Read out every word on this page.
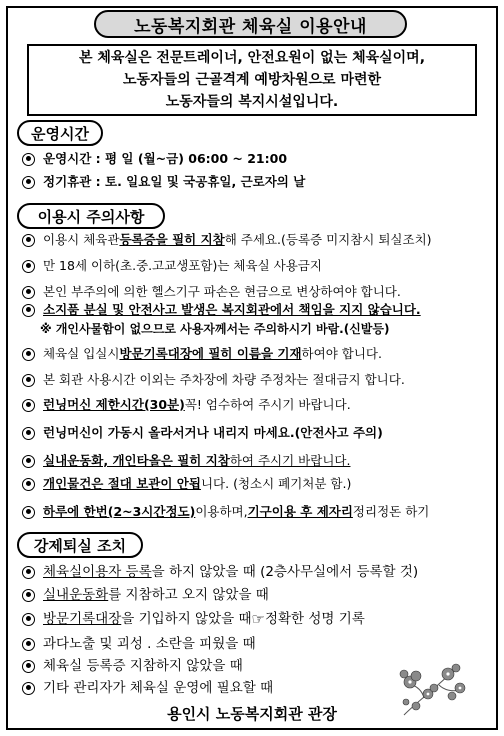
노동복지회관 체육실 이용안내
본 체육실은 전문트레이너, 안전요원이 없는 체육실이며,
노동자들의 근골격계 예방차원으로 마련한
노동자들의 복지시설입니다.
운영시간
운영시간 : 평 일 (월~금) 06:00 ~ 21:00
정기휴관 : 토. 일요일 및 국공휴일, 근로자의 날
이용시 주의사항
이용시 체육관 등록증을 필히 지참 해 주세요.(등록증 미지참시 퇴실조치)
만 18세 이하(초.중.고교생포함)는 체육실 사용금지
본인 부주의에 의한 헬스기구 파손은 현금으로 변상하여야 합니다.
소지품 분실 및 안전사고 발생은 복지회관에서 책임을 지지 않습니다.
※ 개인사물함이 없으므로 사용자께서는 주의하시기 바람.(신발등)
체육실 입실시 방문기록대장에 필히 이름을 기재 하여야 합니다.
본 회관 사용시간 이외는 주차장에 차량 주정차는 절대금지 합니다.
런닝머신 제한시간(30분) 꼭! 엄수하여 주시기 바랍니다.
런닝머신이 가동시 올라서거나 내리지 마세요.(안전사고 주의)
실내운동화, 개인타올은 필히 지참 하여 주시기 바랍니다.
개인물건은 절대 보관이 안됩 니다. (청소시 폐기처분 함.)
하루에 한번(2~3시간정도) 이용하며, 기구이용 후 제자리 정리정돈 하기
강제퇴실 조치
체육실이용자 등록 을 하지 않았을 때 (2층사무실에서 등록할 것)
실내운동화 를 지참하고 오지 않았을 때
방문기록대장 을 기입하지 않았을 때 ☞ 정확한 성명 기록
과다노출 및 괴성 . 소란을 피웠을 때
체육실 등록증 지참하지 않았을 때
기타 관리자가 체육실 운영에 필요할 때
용인시 노동복지회관 관장
